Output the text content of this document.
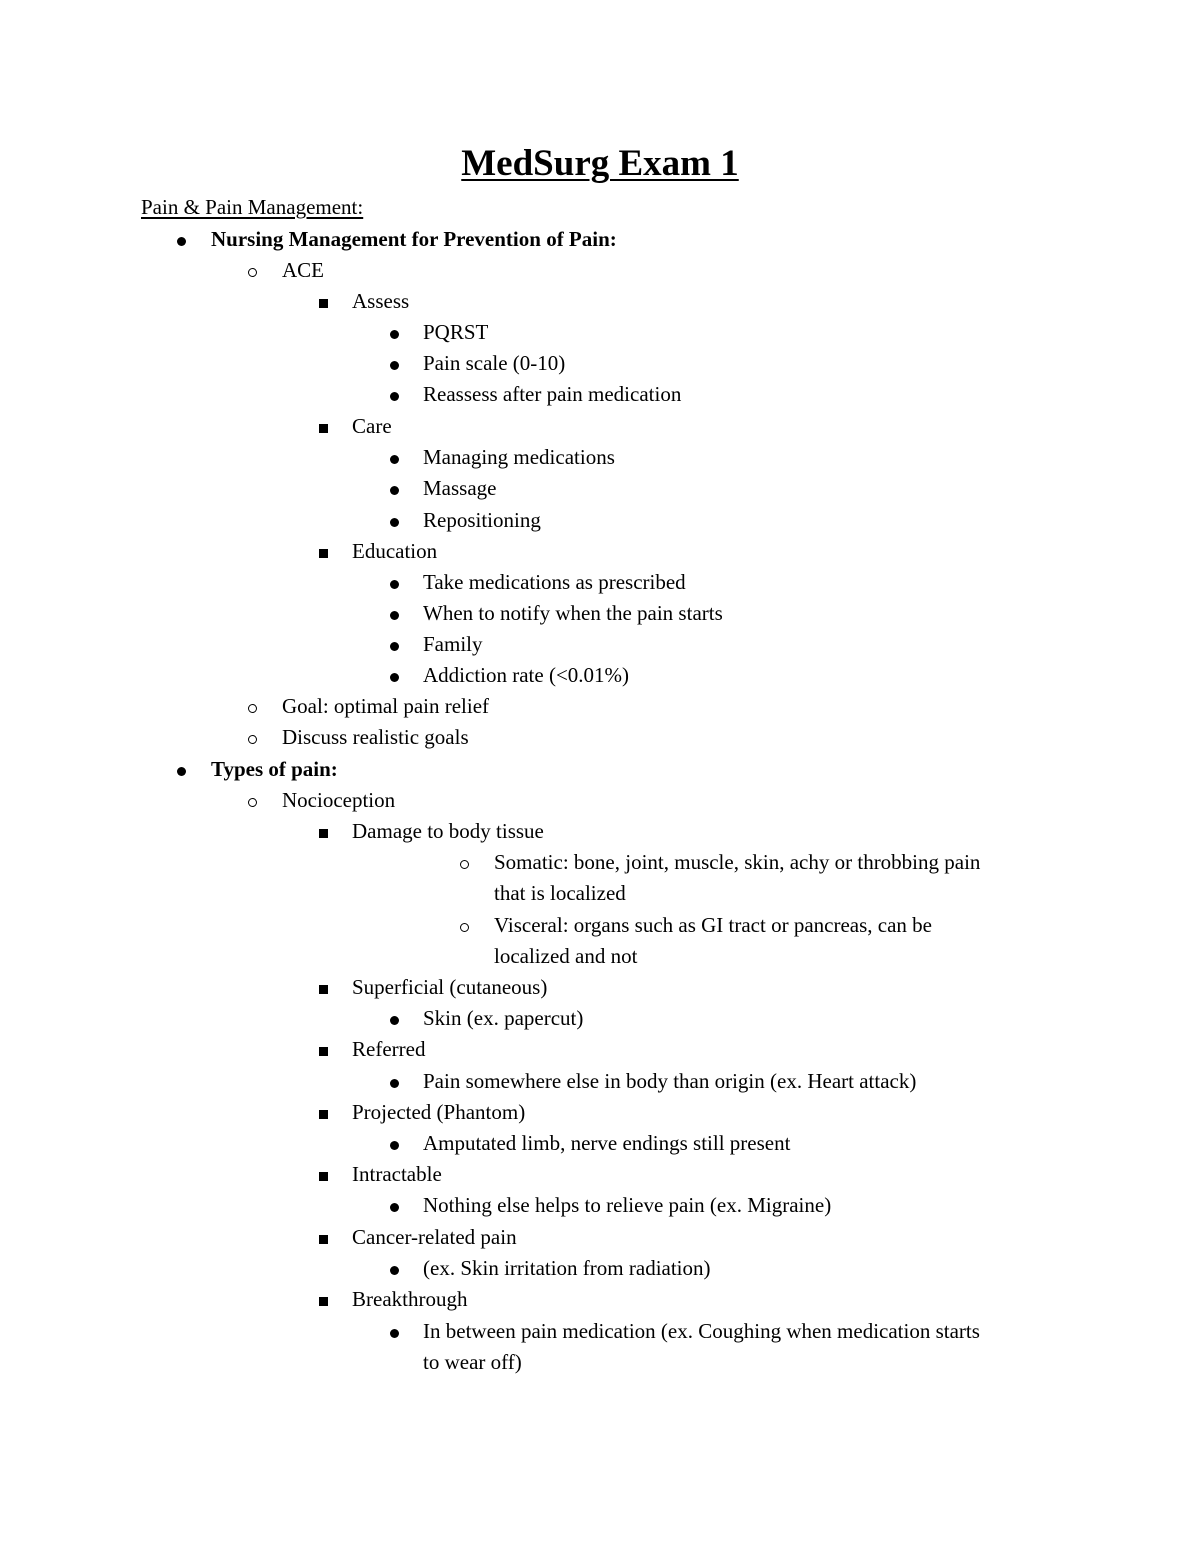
MedSurg Exam 1
Pain & Pain Management:
Nursing Management for Prevention of Pain:
ACE
Assess
PQRST
Pain scale (0-10)
Reassess after pain medication
Care
Managing medications
Massage
Repositioning
Education
Take medications as prescribed
When to notify when the pain starts
Family
Addiction rate (<0.01%)
Goal: optimal pain relief
Discuss realistic goals
Types of pain:
Nocioception
Damage to body tissue
Somatic: bone, joint, muscle, skin, achy or throbbing pain
that is localized
Visceral: organs such as GI tract or pancreas, can be
localized and not
Superficial (cutaneous)
Skin (ex. papercut)
Referred
Pain somewhere else in body than origin (ex. Heart attack)
Projected (Phantom)
Amputated limb, nerve endings still present
Intractable
Nothing else helps to relieve pain (ex. Migraine)
Cancer-related pain
(ex. Skin irritation from radiation)
Breakthrough
In between pain medication (ex. Coughing when medication starts
to wear off)
